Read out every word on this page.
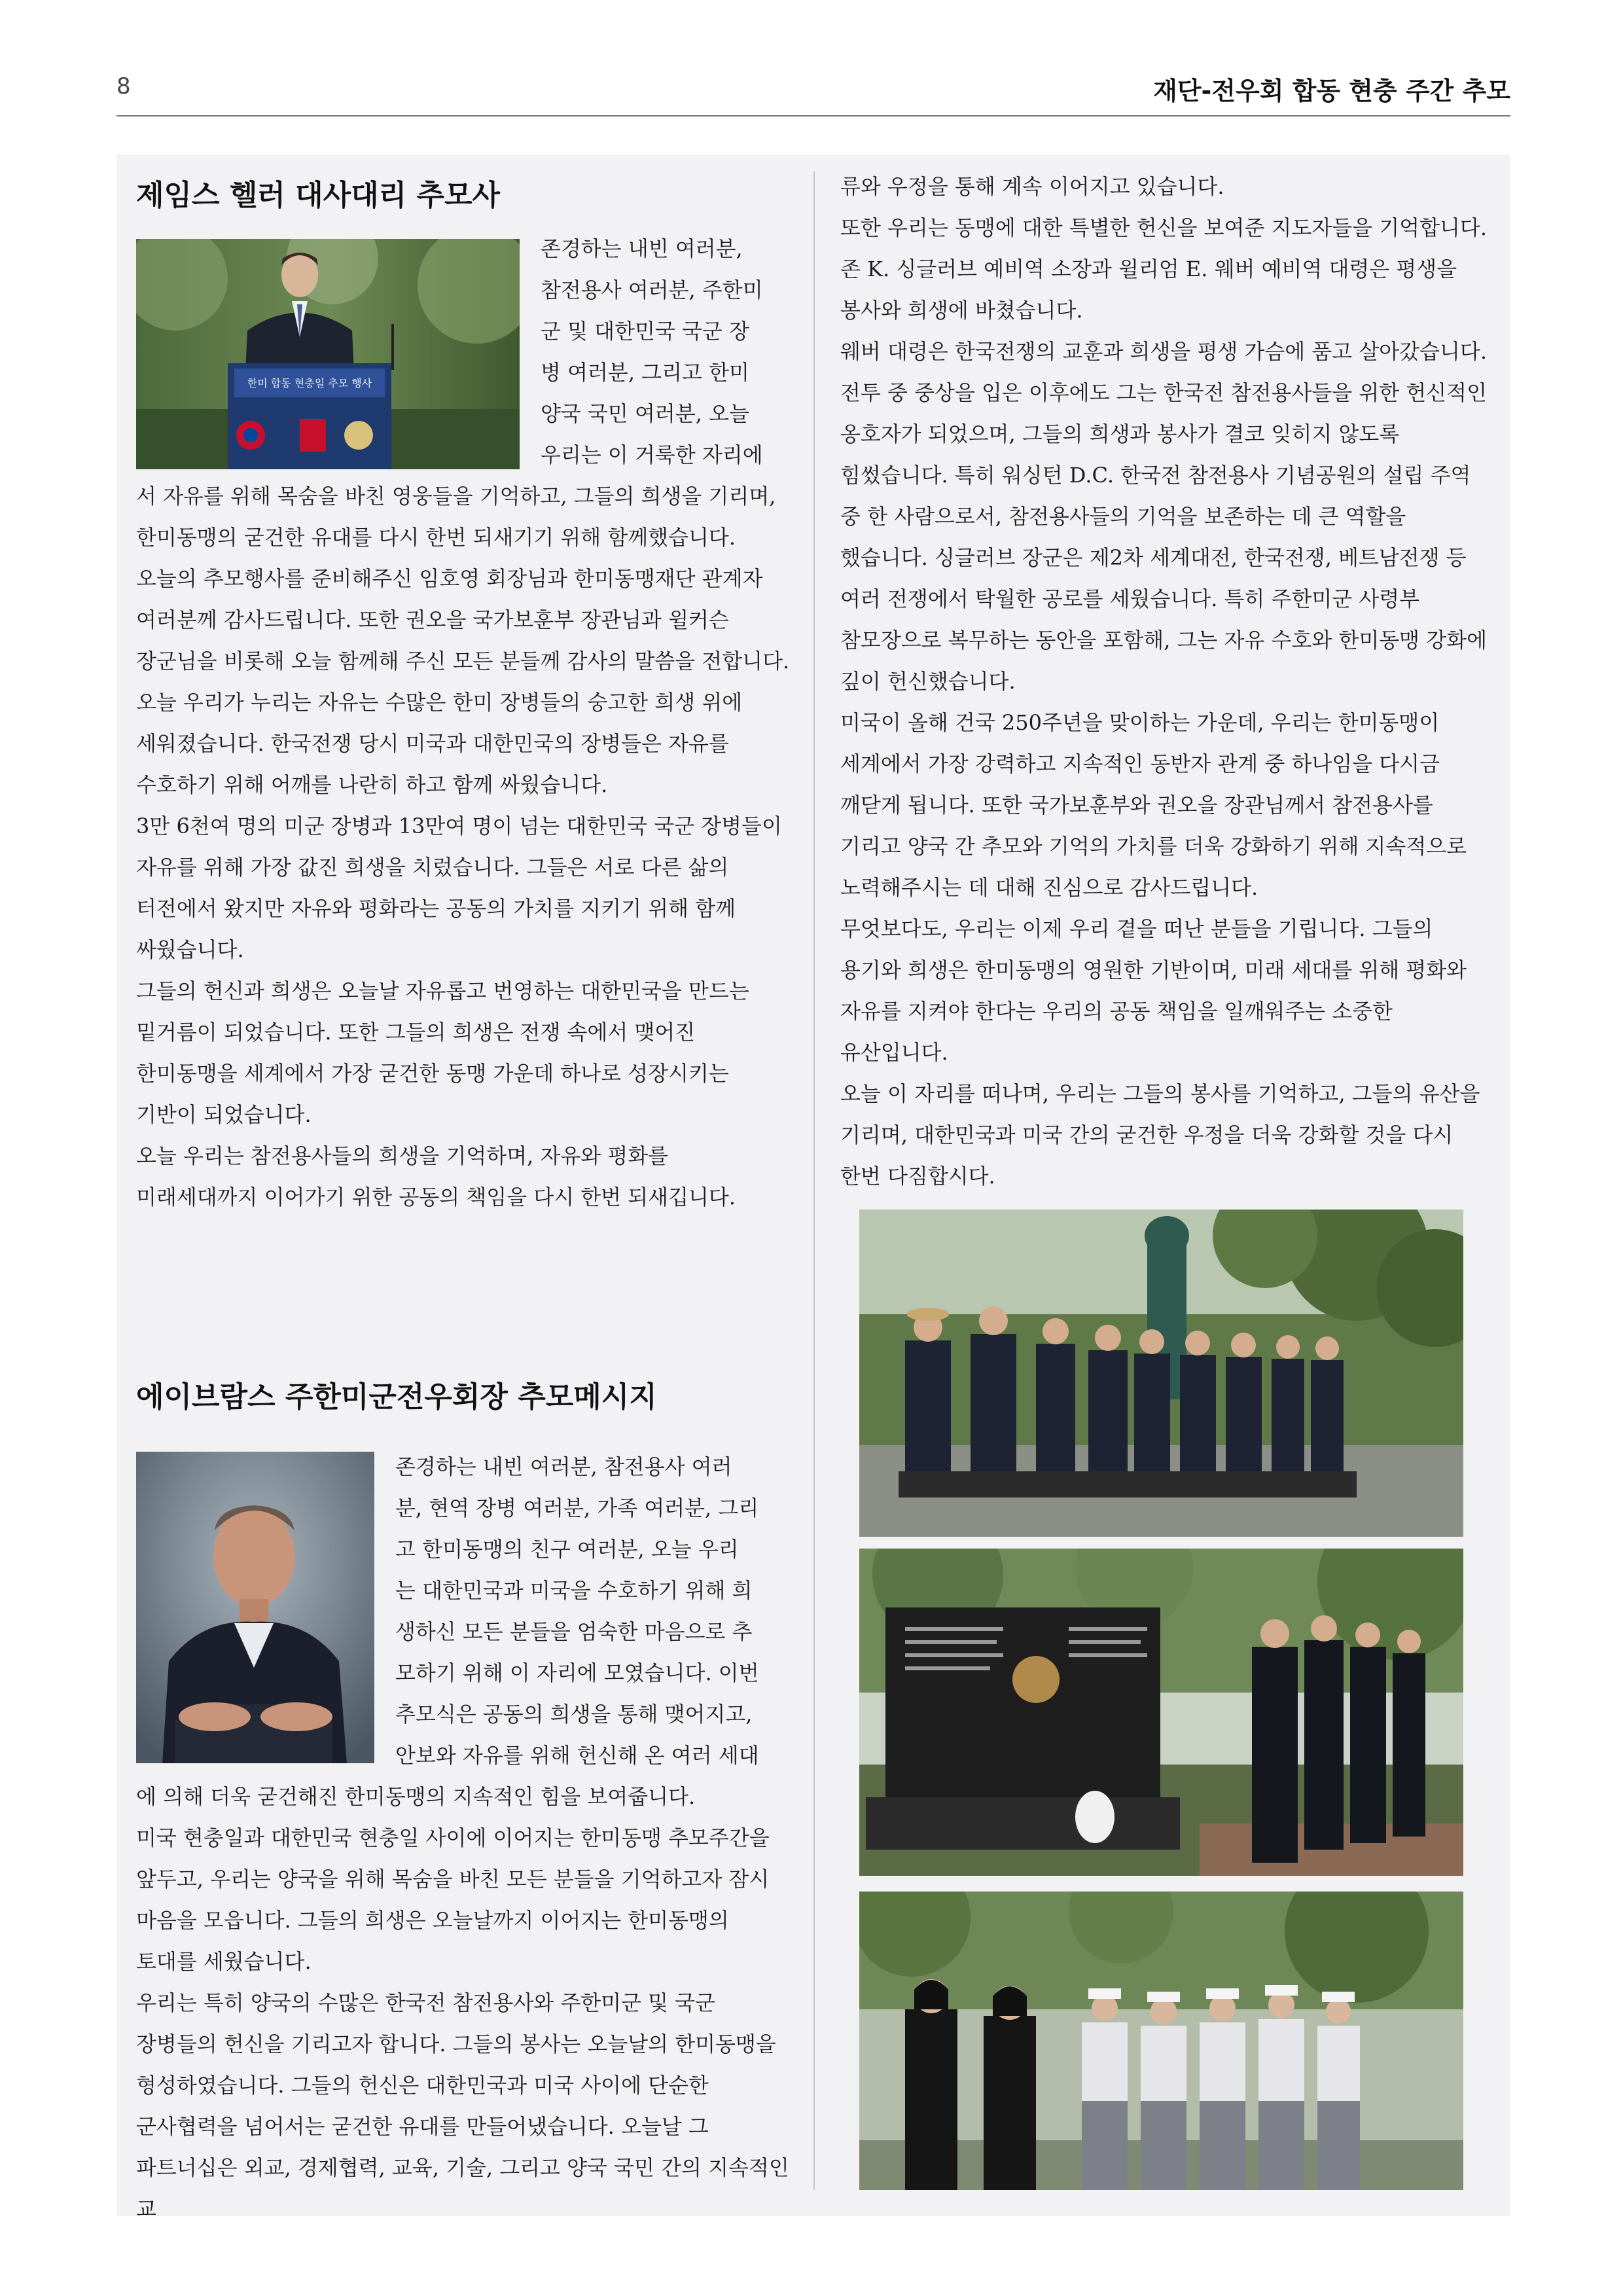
8	재단-전우회 합동 현충 주간 추모
제임스 헬러 대사대리 추모사
한미 합동 현충일 추모 행사

존경하는 내빈 여러분,

참전용사 여러분, 주한미

군 및 대한민국 국군 장

병 여러분, 그리고 한미

양국 국민 여러분, 오늘

우리는 이 거룩한 자리에

서 자유를 위해 목숨을 바친 영웅들을 기억하고, 그들의 희생을 기리며, 한미동맹의 굳건한 유대를 다시 한번 되새기기 위해 함께했습니다.

오늘의 추모행사를 준비해주신 임호영 회장님과 한미동맹재단 관계자 여러분께 감사드립니다. 또한 권오을 국가보훈부 장관님과 윌커슨 장군님을 비롯해 오늘 함께해 주신 모든 분들께 감사의 말씀을 전합니다.

오늘 우리가 누리는 자유는 수많은 한미 장병들의 숭고한 희생 위에 세워졌습니다. 한국전쟁 당시 미국과 대한민국의 장병들은 자유를 수호하기 위해 어깨를 나란히 하고 함께 싸웠습니다.

3만 6천여 명의 미군 장병과 13만여 명이 넘는 대한민국 국군 장병들이 자유를 위해 가장 값진 희생을 치렀습니다. 그들은 서로 다른 삶의 터전에서 왔지만 자유와 평화라는 공동의 가치를 지키기 위해 함께 싸웠습니다.

그들의 헌신과 희생은 오늘날 자유롭고 번영하는 대한민국을 만드는 밑거름이 되었습니다. 또한 그들의 희생은 전쟁 속에서 맺어진 한미동맹을 세계에서 가장 굳건한 동맹 가운데 하나로 성장시키는 기반이 되었습니다.

오늘 우리는 참전용사들의 희생을 기억하며, 자유와 평화를 미래세대까지 이어가기 위한 공동의 책임을 다시 한번 되새깁니다.

에이브람스 주한미군전우회장 추모메시지

존경하는 내빈 여러분, 참전용사 여러

분, 현역 장병 여러분, 가족 여러분, 그리

고 한미동맹의 친구 여러분, 오늘 우리

는 대한민국과 미국을 수호하기 위해 희

생하신 모든 분들을 엄숙한 마음으로 추

모하기 위해 이 자리에 모였습니다. 이번

추모식은 공동의 희생을 통해 맺어지고,

안보와 자유를 위해 헌신해 온 여러 세대

에 의해 더욱 굳건해진 한미동맹의 지속적인 힘을 보여줍니다.

미국 현충일과 대한민국 현충일 사이에 이어지는 한미동맹 추모주간을 앞두고, 우리는 양국을 위해 목숨을 바친 모든 분들을 기억하고자 잠시 마음을 모읍니다. 그들의 희생은 오늘날까지 이어지는 한미동맹의 토대를 세웠습니다.

우리는 특히 양국의 수많은 한국전 참전용사와 주한미군 및 국군 장병들의 헌신을 기리고자 합니다. 그들의 봉사는 오늘날의 한미동맹을 형성하였습니다. 그들의 헌신은 대한민국과 미국 사이에 단순한 군사협력을 넘어서는 굳건한 유대를 만들어냈습니다. 오늘날 그 파트너십은 외교, 경제협력, 교육, 기술, 그리고 양국 국민 간의 지속적인 교

류와 우정을 통해 계속 이어지고 있습니다.

또한 우리는 동맹에 대한 특별한 헌신을 보여준 지도자들을 기억합니다. 존 K. 싱글러브 예비역 소장과 윌리엄 E. 웨버 예비역 대령은 평생을 봉사와 희생에 바쳤습니다.

웨버 대령은 한국전쟁의 교훈과 희생을 평생 가슴에 품고 살아갔습니다. 전투 중 중상을 입은 이후에도 그는 한국전 참전용사들을 위한 헌신적인 옹호자가 되었으며, 그들의 희생과 봉사가 결코 잊히지 않도록 힘썼습니다. 특히 워싱턴 D.C. 한국전 참전용사 기념공원의 설립 주역 중 한 사람으로서, 참전용사들의 기억을 보존하는 데 큰 역할을 했습니다. 싱글러브 장군은 제2차 세계대전, 한국전쟁, 베트남전쟁 등 여러 전쟁에서 탁월한 공로를 세웠습니다. 특히 주한미군 사령부 참모장으로 복무하는 동안을 포함해, 그는 자유 수호와 한미동맹 강화에 깊이 헌신했습니다.

미국이 올해 건국 250주년을 맞이하는 가운데, 우리는 한미동맹이 세계에서 가장 강력하고 지속적인 동반자 관계 중 하나임을 다시금 깨닫게 됩니다. 또한 국가보훈부와 권오을 장관님께서 참전용사를 기리고 양국 간 추모와 기억의 가치를 더욱 강화하기 위해 지속적으로 노력해주시는 데 대해 진심으로 감사드립니다.

무엇보다도, 우리는 이제 우리 곁을 떠난 분들을 기립니다. 그들의 용기와 희생은 한미동맹의 영원한 기반이며, 미래 세대를 위해 평화와 자유를 지켜야 한다는 우리의 공동 책임을 일깨워주는 소중한 유산입니다.

오늘 이 자리를 떠나며, 우리는 그들의 봉사를 기억하고, 그들의 유산을 기리며, 대한민국과 미국 간의 굳건한 우정을 더욱 강화할 것을 다시 한번 다짐합시다.
